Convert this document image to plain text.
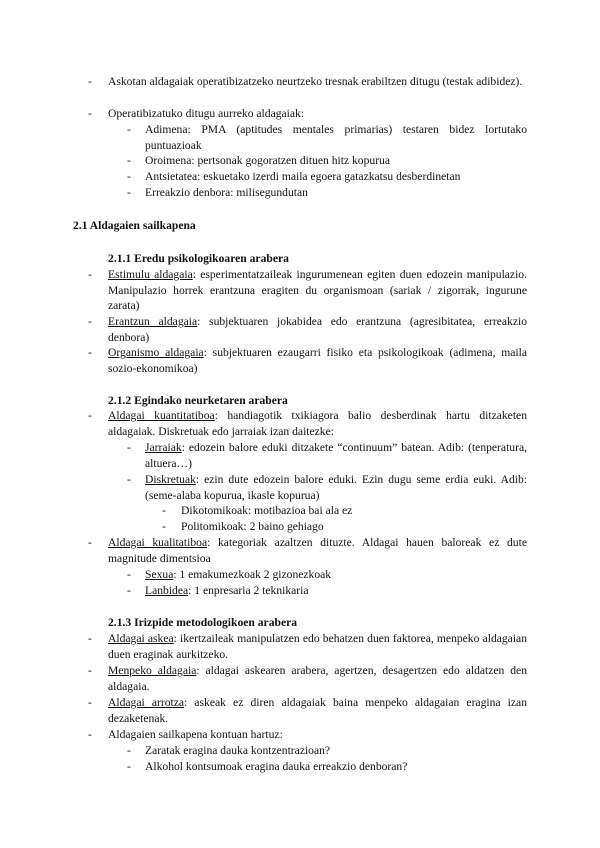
-	Askotan aldagaiak operatibizatzeko neurtzeko tresnak erabiltzen ditugu (testak adibidez).
-	Operatibizatuko ditugu aurreko aldagaiak:
-	Adimena: PMA (aptitudes mentales primarias) testaren bidez lortutako puntuazioak
-	Oroimena: pertsonak gogoratzen dituen hitz kopurua
-	Antsietatea: eskuetako izerdi maila egoera gatazkatsu desberdinetan
-	Erreakzio denbora: milisegundutan
2.1 Aldagaien sailkapena
2.1.1 Eredu psikologikoaren arabera
-	Estimulu aldagaia: esperimentatzaileak ingurumenean egiten duen edozein manipulazio. Manipulazio horrek erantzuna eragiten du organismoan (sariak / zigorrak, ingurune zarata)
-	Erantzun aldagaia: subjektuaren jokabidea edo erantzuna (agresibitatea, erreakzio denbora)
-	Organismo aldagaia: subjektuaren ezaugarri fisiko eta psikologikoak (adimena, maila sozio-ekonomikoa)
2.1.2 Egindako neurketaren arabera
-	Aldagai kuantitatiboa: handiagotik txikiagora balio desberdinak hartu ditzaketen aldagaiak. Diskretuak edo jarraiak izan daitezke:
-	Jarraiak: edozein balore eduki ditzakete “continuum” batean. Adib: (tenperatura, altuera…)
-	Diskretuak: ezin dute edozein balore eduki. Ezin dugu seme erdia euki. Adib: (seme-alaba kopurua, ikasle kopurua)
-	Dikotomikoak: motibazioa bai ala ez
-	Politomikoak: 2 baino gehiago
-	Aldagai kualitatiboa: kategoriak azaltzen dituzte. Aldagai hauen baloreak ez dute magnitude dimentsioa
-	Sexua: 1 emakumezkoak 2 gizonezkoak
-	Lanbidea: 1 enpresaria 2 teknikaria
2.1.3 Irizpide metodologikoen arabera
-	Aldagai askea: ikertzaileak manipulatzen edo behatzen duen faktorea, menpeko aldagaian duen eraginak aurkitzeko.
-	Menpeko aldagaia: aldagai askearen arabera, agertzen, desagertzen edo aldatzen den aldagaia.
-	Aldagai arrotza: askeak ez diren aldagaiak baina menpeko aldagaian eragina izan dezaketenak.
-	Aldagaien sailkapena kontuan hartuz:
-	Zaratak eragina dauka kontzentrazioan?
-	Alkohol kontsumoak eragina dauka erreakzio denboran?
